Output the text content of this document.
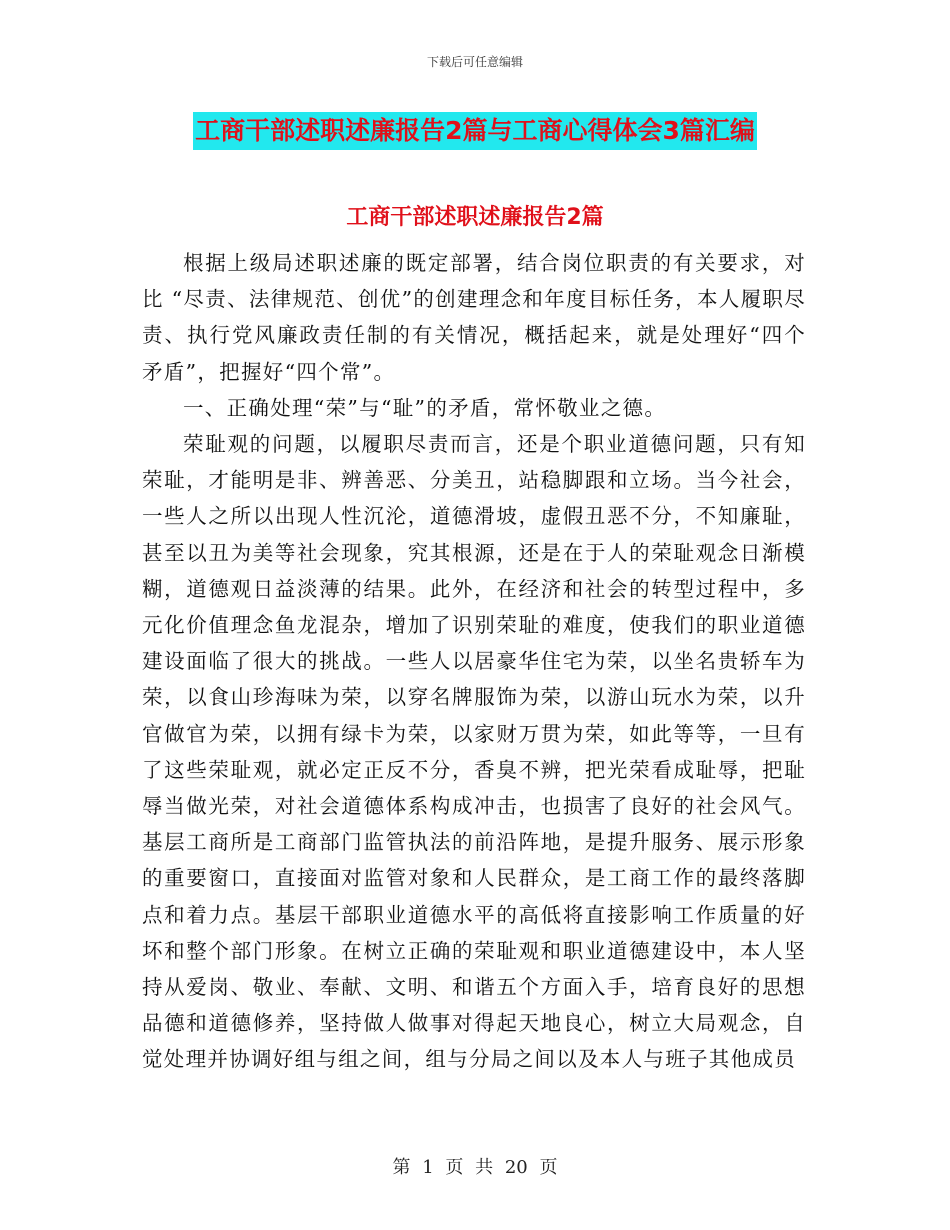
下载后可任意编辑
工商干部述职述廉报告2篇与工商心得体会3篇汇编
工商干部述职述廉报告2篇

根据上级局述职述廉的既定部署，结合岗位职责的有关要求，对比 “尽责、法律规范、创优”的创建理念和年度目标任务，本人履职尽责、执行党风廉政责任制的有关情况，概括起来，就是处理好“四个矛盾”，把握好“四个常”。

一、正确处理“荣”与“耻”的矛盾，常怀敬业之德。

荣耻观的问题，以履职尽责而言，还是个职业道德问题，只有知荣耻，才能明是非、辨善恶、分美丑，站稳脚跟和立场。当今社会，一些人之所以出现人性沉沦，道德滑坡，虚假丑恶不分，不知廉耻，甚至以丑为美等社会现象，究其根源，还是在于人的荣耻观念日渐模糊，道德观日益淡薄的结果。此外，在经济和社会的转型过程中，多元化价值理念鱼龙混杂，增加了识别荣耻的难度，使我们的职业道德建设面临了很大的挑战。一些人以居豪华住宅为荣，以坐名贵轿车为荣，以食山珍海味为荣，以穿名牌服饰为荣，以游山玩水为荣，以升官做官为荣，以拥有绿卡为荣，以家财万贯为荣，如此等等，一旦有了这些荣耻观，就必定正反不分，香臭不辨，把光荣看成耻辱，把耻辱当做光荣，对社会道德体系构成冲击，也损害了良好的社会风气。基层工商所是工商部门监管执法的前沿阵地，是提升服务、展示形象的重要窗口，直接面对监管对象和人民群众，是工商工作的最终落脚点和着力点。基层干部职业道德水平的高低将直接影响工作质量的好坏和整个部门形象。在树立正确的荣耻观和职业道德建设中，本人坚持从爱岗、敬业、奉献、文明、和谐五个方面入手，培育良好的思想品德和道德修养，坚持做人做事对得起天地良心，树立大局观念，自觉处理并协调好组与组之间，组与分局之间以及本人与班子其他成员

第 1 页 共 20 页
